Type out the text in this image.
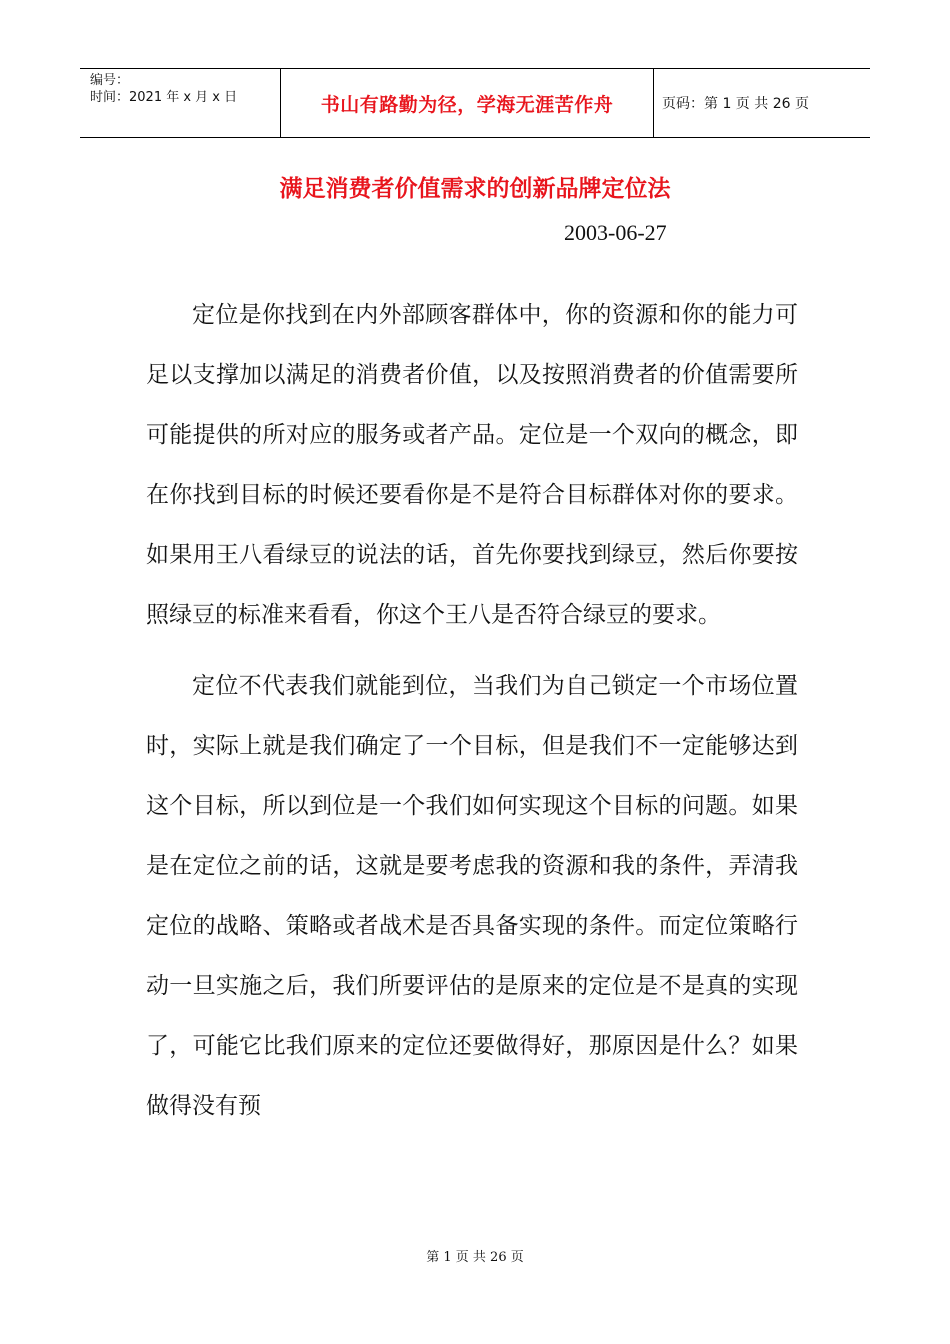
编号：
时间：2021 年 x 月 x 日	书山有路勤为径，学海无涯苦作舟	页码：第 1 页 共 26 页
满足消费者价值需求的创新品牌定位法
2003-06-27

定位是你找到在内外部顾客群体中，你的资源和你的能力可足以支撑加以满足的消费者价值，以及按照消费者的价值需要所可能提供的所对应的服务或者产品。定位是一个双向的概念，即在你找到目标的时候还要看你是不是符合目标群体对你的要求。如果用王八看绿豆的说法的话，首先你要找到绿豆，然后你要按照绿豆的标准来看看，你这个王八是否符合绿豆的要求。

定位不代表我们就能到位，当我们为自己锁定一个市场位置时，实际上就是我们确定了一个目标，但是我们不一定能够达到这个目标，所以到位是一个我们如何实现这个目标的问题。如果是在定位之前的话，这就是要考虑我的资源和我的条件，弄清我定位的战略、策略或者战术是否具备实现的条件。而定位策略行动一旦实施之后，我们所要评估的是原来的定位是不是真的实现了，可能它比我们原来的定位还要做得好，那原因是什么？如果做得没有预

第 1 页 共 26 页
